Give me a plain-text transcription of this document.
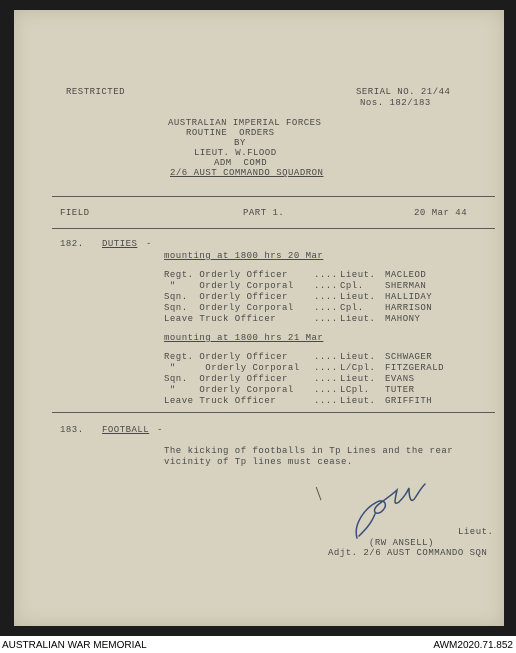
RESTRICTED	SERIAL NO. 21/44
Nos. 182/183
AUSTRALIAN IMPERIAL FORCES
ROUTINE  ORDERS
BY
LIEUT. W.FLOOD
ADM  COMD
2/6 AUST COMMANDO SQUADRON
FIELD	PART 1.	20 Mar 44
182. DUTIES -
mounting at 1800 hrs 20 Mar
Regt. Orderly Officer	.... Lieut. MACLEOD
"    Orderly Corporal .... Cpl. SHERMAN
Sqn.  Orderly Officer	.... Lieut. HALLIDAY
Sqn.  Orderly Corporal .... Cpl. HARRISON
Leave Truck Officer	.... Lieut. MAHONY
mounting at 1800 hrs 21 Mar
Regt. Orderly Officer	.... Lieut. SCHWAGER
"     Orderly Corporal .... L/Cpl. FITZGERALD
Sqn.  Orderly Officer	.... Lieut. EVANS
"    Orderly Corporal .... LCpl. TUTER
Leave Truck Officer	.... Lieut. GRIFFITH
183. FOOTBALL -
The kicking of footballs in Tp Lines and the rear
vicinity of Tp lines must cease.
Lieut.
(RW ANSELL)
Adjt. 2/6 AUST COMMANDO SQN
AUSTRALIAN WAR MEMORIAL	AWM2020.71.852
